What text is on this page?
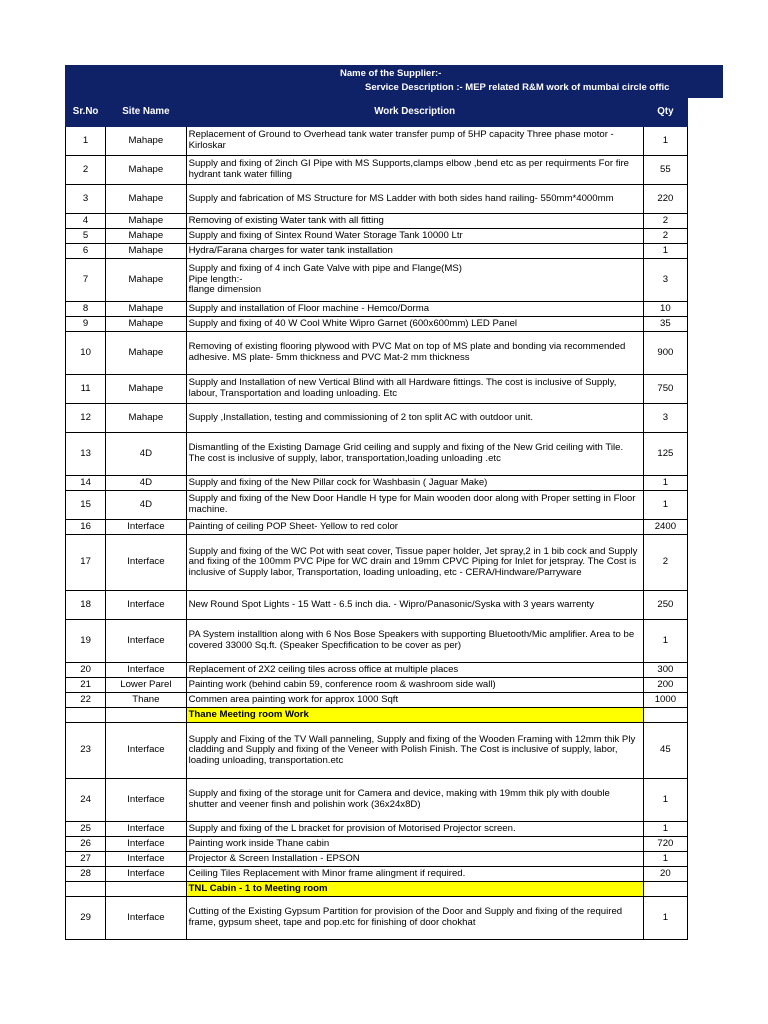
Name of the Supplier:-
Service Description :- MEP related R&M work of mumbai circle offic
Sr.No	Site Name	Work Description	Qty
1	Mahape	Replacement of Ground to Overhead tank water transfer pump of 5HP capacity Three phase motor - Kirloskar	1
2	Mahape	Supply and fixing of 2inch GI Pipe with MS Supports,clamps elbow ,bend etc as per requirments For fire hydrant tank water filling	55
3	Mahape	Supply and fabrication of MS Structure for MS Ladder with both sides hand railing- 550mm*4000mm	220
4	Mahape	Removing of existing Water tank with all fitting	2
5	Mahape	Supply and fixing of Sintex Round Water Storage Tank 10000 Ltr	2
6	Mahape	Hydra/Farana charges for water tank installation	1
7	Mahape	Supply and fixing of 4 inch Gate Valve with pipe and Flange(MS)
Pipe length:-
flange dimension	3
8	Mahape	Supply and installation of Floor machine - Hemco/Dorma	10
9	Mahape	Supply and fixing of 40 W Cool White Wipro Garnet (600x600mm) LED Panel	35
10	Mahape	Removing of existing flooring plywood with PVC Mat on top of MS plate and bonding via recommended adhesive. MS plate- 5mm thickness and PVC Mat-2 mm thickness	900
11	Mahape	Supply and Installation of new Vertical Blind with all Hardware fittings. The cost is inclusive of Supply, labour, Transportation and loading unloading. Etc	750
12	Mahape	Supply ,Installation, testing and commissioning of 2 ton split AC with outdoor unit.	3
13	4D	Dismantling of the Existing Damage Grid ceiling and supply and fixing of the New Grid ceiling with Tile. The cost is inclusive of supply, labor, transportation,loading unloading .etc	125
14	4D	Supply and fixing of the New Pillar cock for Washbasin ( Jaguar Make)	1
15	4D	Supply and fixing of the New Door Handle H type for Main wooden door along with Proper setting in Floor machine.	1
16	Interface	Painting of ceiling POP Sheet- Yellow to red color	2400
17	Interface	Supply and fixing of the WC Pot with seat cover, Tissue paper holder, Jet spray,2 in 1 bib cock and Supply and fixing of the 100mm PVC Pipe for WC drain and 19mm CPVC Piping for Inlet for jetspray. The Cost is inclusive of Supply labor, Transportation, loading unloading, etc - CERA/Hindware/Parryware	2
18	Interface	New Round Spot Lights - 15 Watt - 6.5 inch dia. - Wipro/Panasonic/Syska with 3 years warrenty	250
19	Interface	PA System installtion along with 6 Nos Bose Speakers with supporting Bluetooth/Mic amplifier. Area to be covered 33000 Sq.ft. (Speaker Specfification to be cover as per)	1
20	Interface	Replacement of 2X2 ceiling tiles across office at multiple places	300
21	Lower Parel	Painting work (behind cabin 59, conference room & washroom side wall)	200
22	Thane	Commen area painting work for approx 1000 Sqft	1000
		Thane Meeting room Work	
23	Interface	Supply and Fixing of the TV Wall panneling, Supply and fixing of the Wooden Framing with 12mm thik Ply cladding and Supply and fixing of the Veneer with Polish Finish. The Cost is inclusive of supply, labor, loading unloading, transportation.etc	45
24	Interface	Supply and fixing of the storage unit for Camera and device, making with 19mm thik ply with double shutter and veener finsh and polishin work (36x24x8D)	1
25	Interface	Supply and fixing of the L bracket for provision of Motorised Projector screen.	1
26	Interface	Painting work inside Thane cabin	720
27	Interface	Projector & Screen Installation - EPSON	1
28	Interface	Ceiling Tiles Replacement with Minor frame alingment if required.	20
		TNL Cabin - 1 to Meeting room	
29	Interface	Cutting of the Existing Gypsum Partition for provision of the Door and Supply and fixing of the required frame, gypsum sheet, tape and pop.etc for finishing of door chokhat	1
